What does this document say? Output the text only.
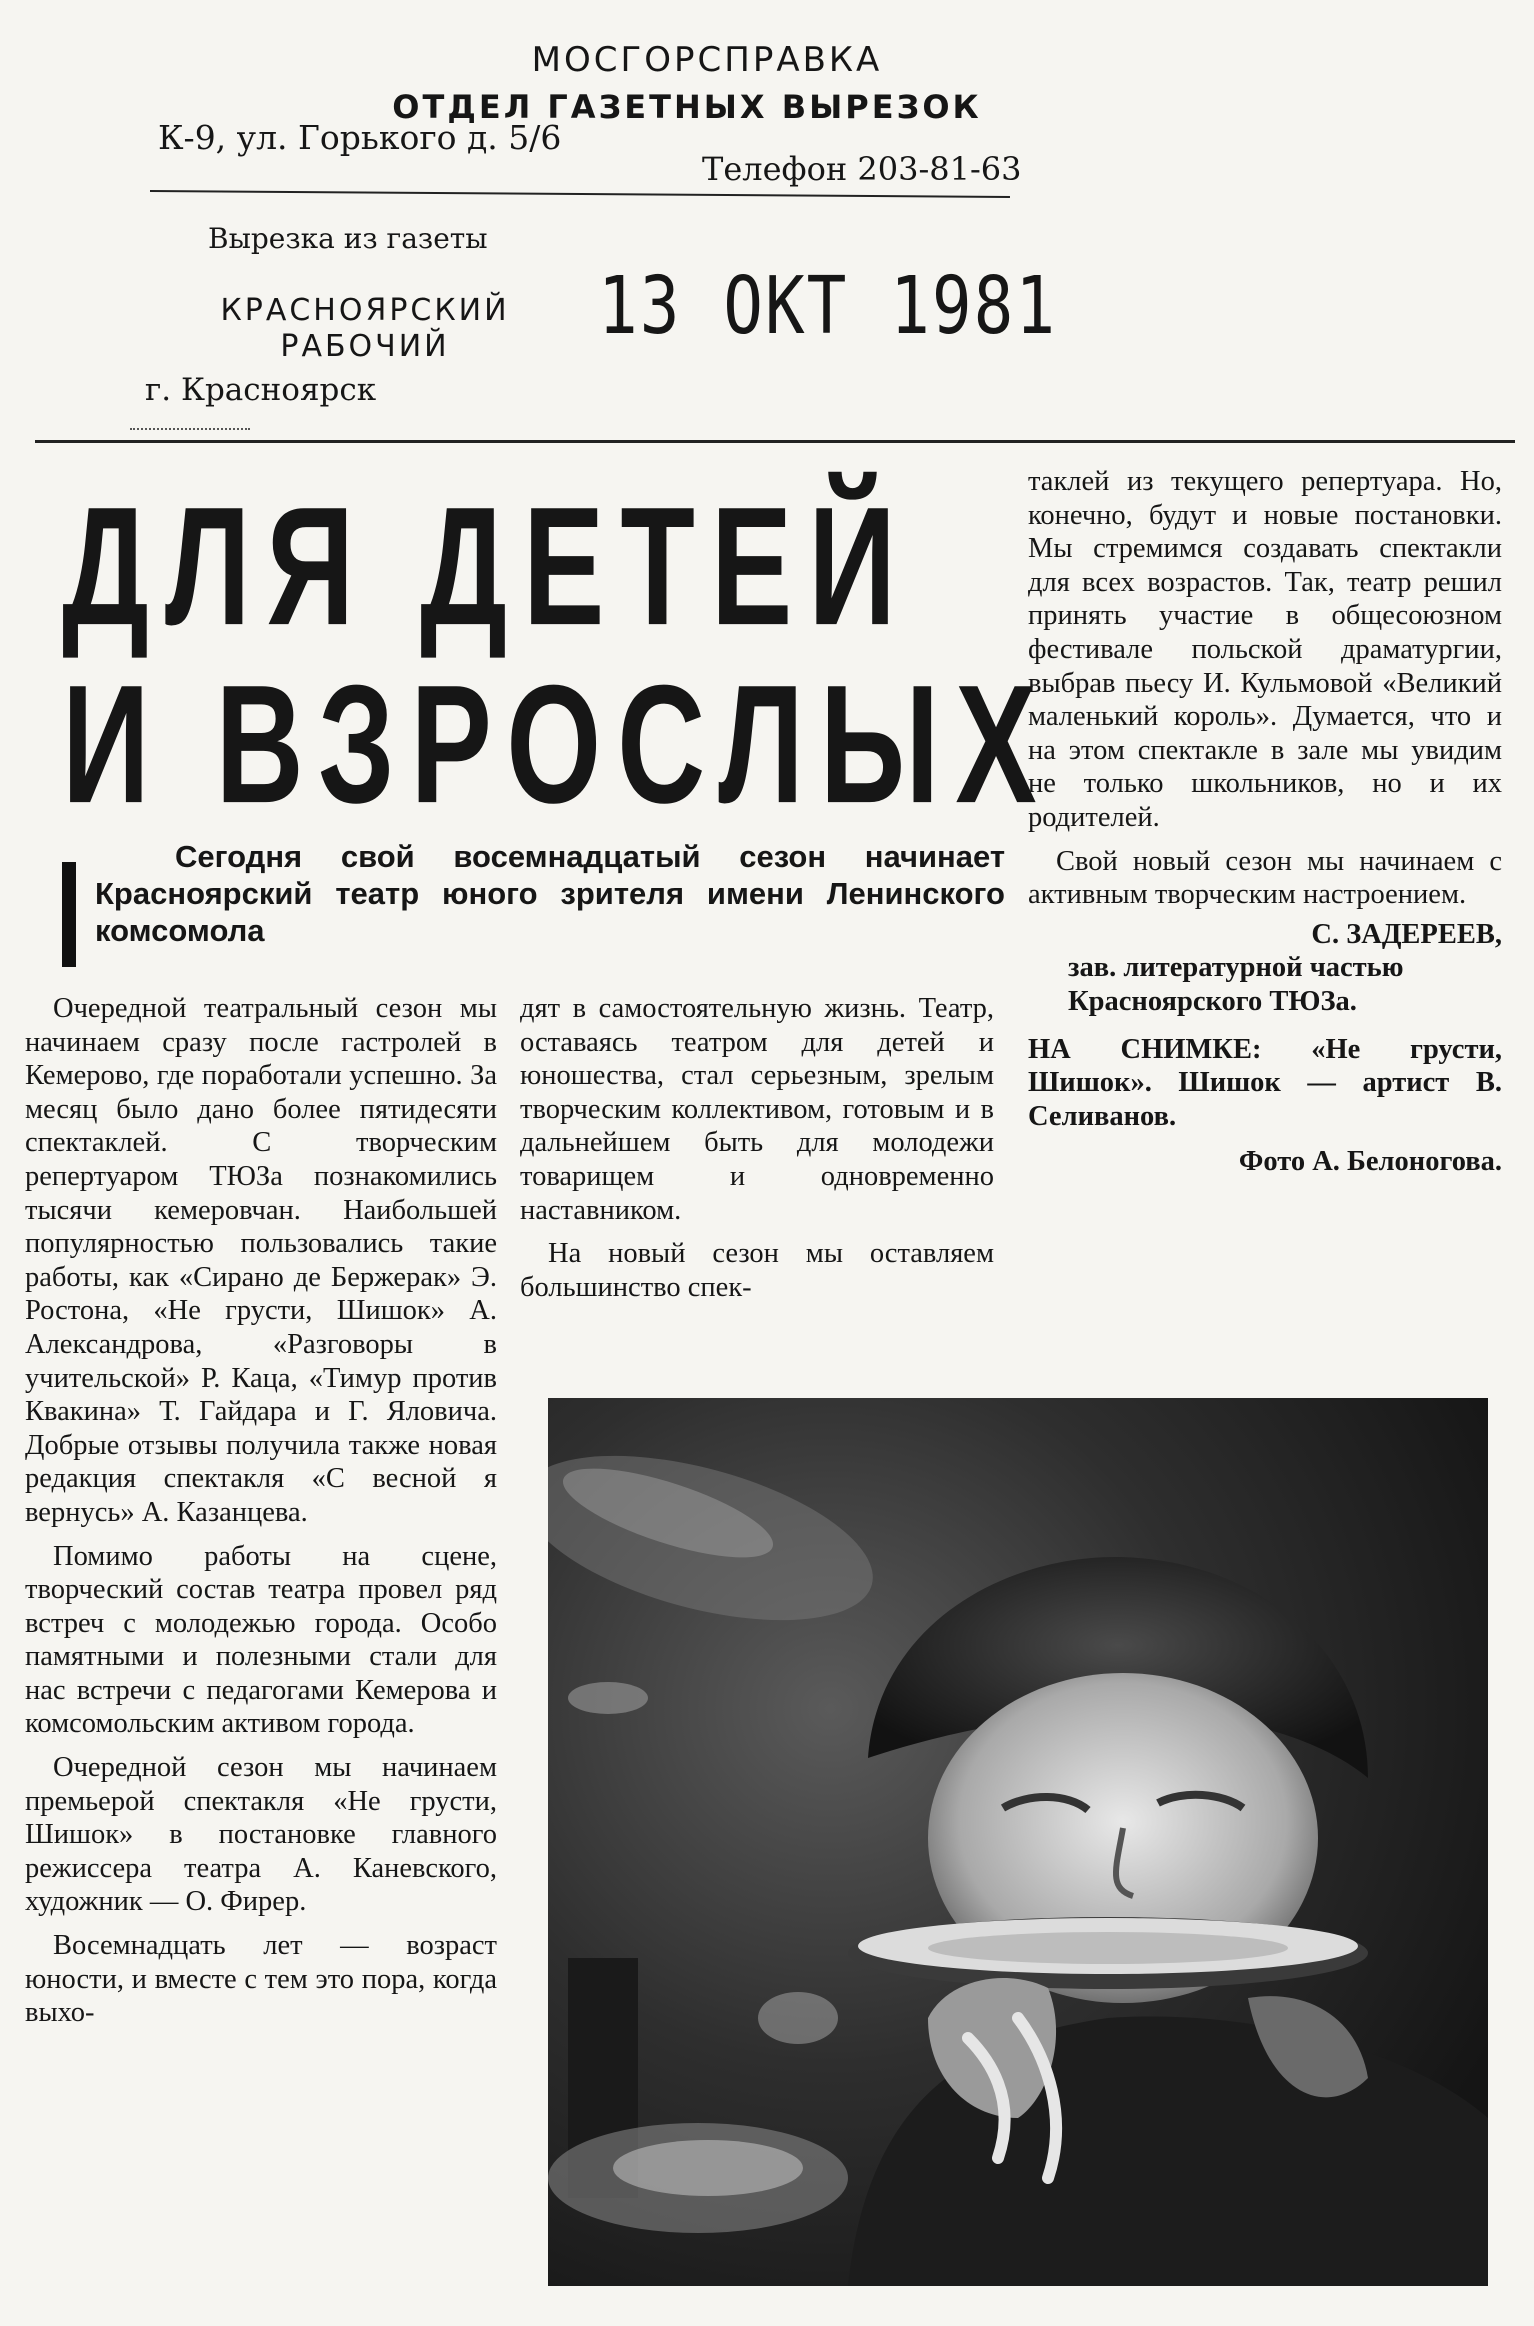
МОСГОРСПРАВКА
ОТДЕЛ ГАЗЕТНЫХ ВЫРЕЗОК
К-9, ул. Горького д. 5/6
Телефон 203-81-63
Вырезка из газеты
КРАСНОЯРСКИЙ
РАБОЧИЙ
г. Красноярск
13 ОКТ 1981
ДЛЯ ДЕТЕЙ
И ВЗРОСЛЫХ
Сегодня свой восемнадцатый сезон начинает Красноярский театр юного зрителя имени Ленинского комсомола

Очередной театральный сезон мы начинаем сразу после гастролей в Кемерово, где поработали успешно. За месяц было дано более пятидесяти спектаклей. С творческим репертуаром ТЮЗа познакомились тысячи кемеровчан. Наибольшей популярностью пользовались такие работы, как «Сирано де Бержерак» Э. Ростона, «Не грусти, Шишок» А. Александрова, «Разговоры в учительской» Р. Каца, «Тимур против Квакина» Т. Гайдара и Г. Яловича. Добрые отзывы получила также новая редакция спектакля «С весной я вернусь» А. Казанцева.

Помимо работы на сцене, творческий состав театра провел ряд встреч с молодежью города. Особо памятными и полезными стали для нас встречи с педагогами Кемерова и комсомольским активом города.

Очередной сезон мы начинаем премьерой спектакля «Не грусти, Шишок» в постановке главного режиссера театра А. Каневского, художник — О. Фирер.

Восемнадцать лет — возраст юности, и вместе с тем это пора, когда выхо-

дят в самостоятельную жизнь. Театр, оставаясь театром для детей и юношества, стал серьезным, зрелым творческим коллективом, готовым и в дальнейшем быть для молодежи товарищем и одновременно наставником.

На новый сезон мы оставляем большинство спек-

таклей из текущего репертуара. Но, конечно, будут и новые постановки. Мы стремимся создавать спектакли для всех возрастов. Так, театр решил принять участие в общесоюзном фестивале польской драматургии, выбрав пьесу И. Кульмовой «Великий маленький король». Думается, что и на этом спектакле в зале мы увидим не только школьников, но и их родителей.

Свой новый сезон мы начинаем с активным творческим настроением.

С. ЗАДЕРЕЕВ,
зав. литературной частью Красноярского ТЮЗа.
НА СНИМКЕ: «Не грусти, Шишок». Шишок — артист В. Селиванов.
Фото А. Белоногова.
